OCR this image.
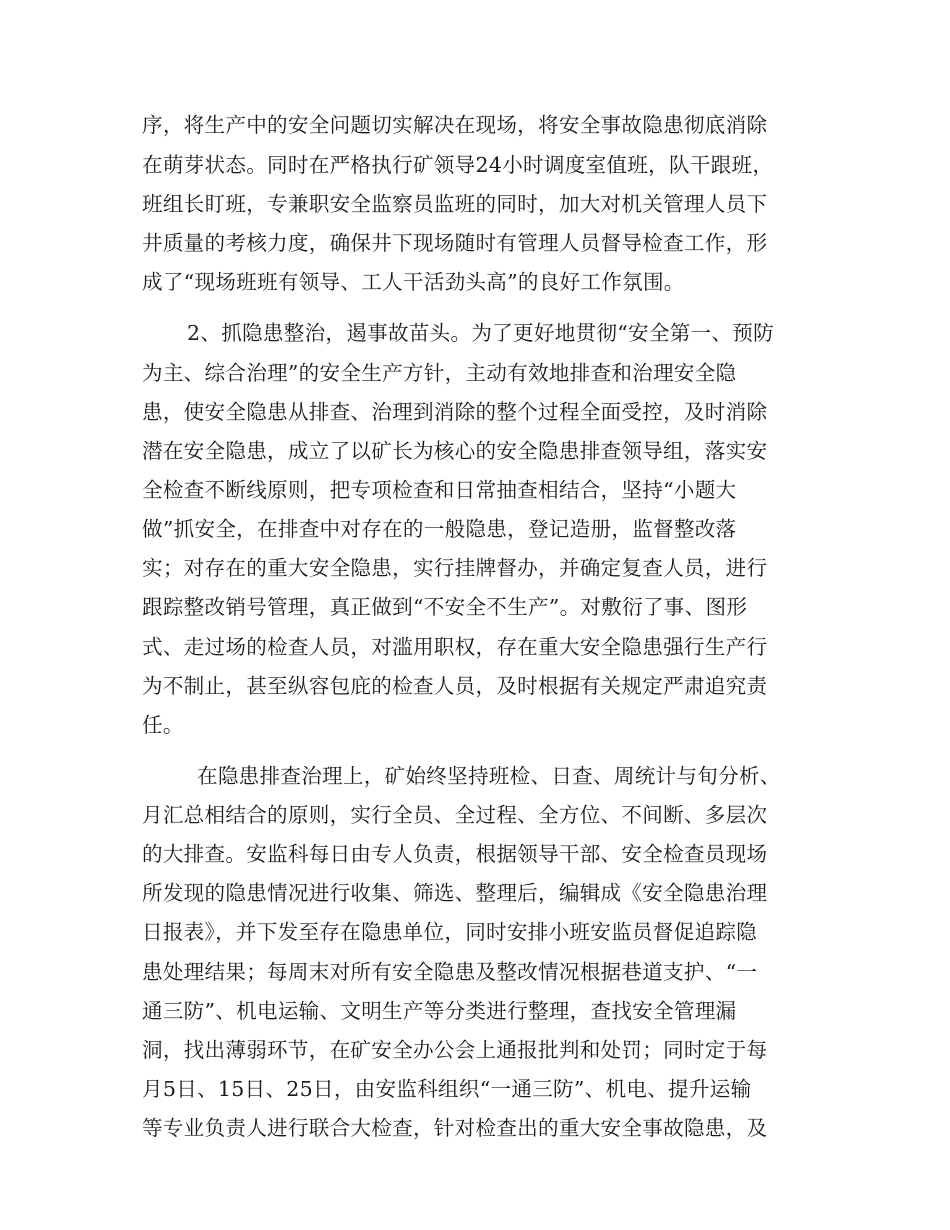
序，将生产中的安全问题切实解决在现场，将安全事故隐患彻底消除
在萌芽状态。同时在严格执行矿领导24小时调度室值班，队干跟班，
班组长盯班，专兼职安全监察员监班的同时，加大对机关管理人员下
井质量的考核力度，确保井下现场随时有管理人员督导检查工作，形
成了“现场班班有领导、工人干活劲头高”的良好工作氛围。
2、抓隐患整治，遏事故苗头。为了更好地贯彻“安全第一、预防
为主、综合治理”的安全生产方针，主动有效地排查和治理安全隐
患，使安全隐患从排查、治理到消除的整个过程全面受控，及时消除
潜在安全隐患，成立了以矿长为核心的安全隐患排查领导组，落实安
全检查不断线原则，把专项检查和日常抽查相结合，坚持“小题大
做”抓安全，在排查中对存在的一般隐患，登记造册，监督整改落
实；对存在的重大安全隐患，实行挂牌督办，并确定复查人员，进行
跟踪整改销号管理，真正做到“不安全不生产”。对敷衍了事、图形
式、走过场的检查人员，对滥用职权，存在重大安全隐患强行生产行
为不制止，甚至纵容包庇的检查人员，及时根据有关规定严肃追究责
任。
在隐患排查治理上，矿始终坚持班检、日查、周统计与旬分析、
月汇总相结合的原则，实行全员、全过程、全方位、不间断、多层次
的大排查。安监科每日由专人负责，根据领导干部、安全检查员现场
所发现的隐患情况进行收集、筛选、整理后，编辑成《安全隐患治理
日报表》，并下发至存在隐患单位，同时安排小班安监员督促追踪隐
患处理结果；每周末对所有安全隐患及整改情况根据巷道支护、“一
通三防”、机电运输、文明生产等分类进行整理，查找安全管理漏
洞，找出薄弱环节，在矿安全办公会上通报批判和处罚；同时定于每
月5日、15日、25日，由安监科组织“一通三防”、机电、提升运输
等专业负责人进行联合大检查，针对检查出的重大安全事故隐患，及
